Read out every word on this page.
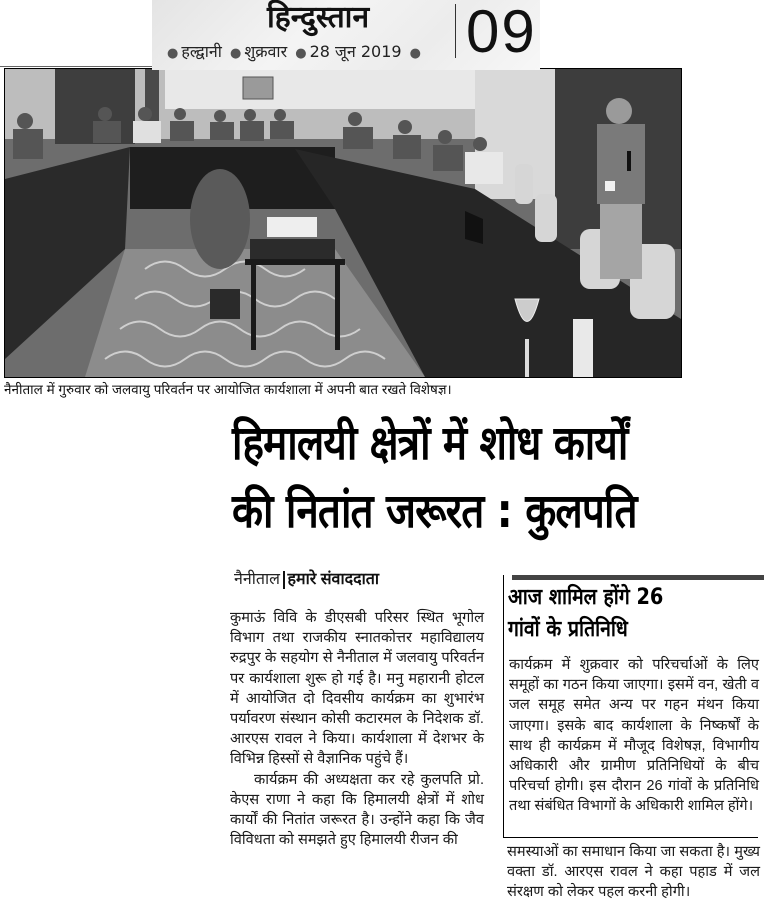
हिन्दुस्तान
● हल्द्वानी ● शुक्रवार ● 28 जून 2019 ● 09
नैनीताल में गुरुवार को जलवायु परिवर्तन पर आयोजित कार्यशाला में अपनी बात रखते विशेषज्ञ।
हिमालयी क्षेत्रों में शोध कार्यों
की नितांत जरूरत : कुलपति
नैनीताल हमारे संवाददाता

कुमाऊं विवि के डीएसबी परिसर स्थित भूगोल विभाग तथा राजकीय स्नातकोत्तर महाविद्यालय रुद्रपुर के सहयोग से नैनीताल में जलवायु परिवर्तन पर कार्यशाला शुरू हो गई है। मनु महारानी होटल में आयोजित दो दिवसीय कार्यक्रम का शुभारंभ पर्यावरण संस्थान कोसी कटारमल के निदेशक डॉ. आरएस रावल ने किया। कार्यशाला में देशभर के विभिन्न हिस्सों से वैज्ञानिक पहुंचे हैं।

कार्यक्रम की अध्यक्षता कर रहे कुलपति प्रो. केएस राणा ने कहा कि हिमालयी क्षेत्रों में शोध कार्यों की नितांत जरूरत है। उन्होंने कहा कि जैव विविधता को समझते हुए हिमालयी रीजन की

आज शामिल होंगे 26
गांवों के प्रतिनिधि
कार्यक्रम में शुक्रवार को परिचर्चाओं के लिए समूहों का गठन किया जाएगा। इसमें वन, खेती व जल समूह समेत अन्य पर गहन मंथन किया जाएगा। इसके बाद कार्यशाला के निष्कर्षों के साथ ही कार्यक्रम में मौजूद विशेषज्ञ, विभागीय अधिकारी और ग्रामीण प्रतिनिधियों के बीच परिचर्चा होगी। इस दौरान 26 गांवों के प्रतिनिधि तथा संबंधित विभागों के अधिकारी शामिल होंगे।

समस्याओं का समाधान किया जा सकता है। मुख्य वक्ता डॉ. आरएस रावल ने कहा पहाड में जल संरक्षण को लेकर पहल करनी होगी।
